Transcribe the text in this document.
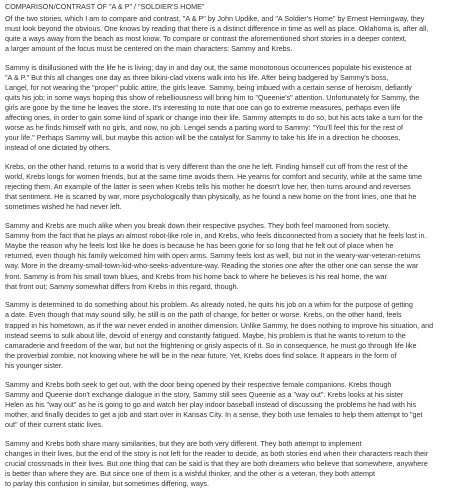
COMPARISON/CONTRAST OF "A & P" / "SOLDIER'S HOME"
Of the two stories, which I am to compare and contrast, "A & P" by John Updike, and "A Soldier's Home" by Ernest Hemingway, they
must look beyond the obvious. One knows by reading that there is a distinct difference in time as well as place. Oklahoma is, after all,
quite a ways away from the beach as most know. To compare or contrast the aforementioned short stories in a deeper context,
a larger amount of the focus must be centered on the main characters: Sammy and Krebs.
Sammy is disillusioned with the life he is living; day in and day out, the same monotonous occurrences populate his existence at
"A & P." But this all changes one day as three bikini-clad vixens walk into his life. After being badgered by Sammy's boss,
Langel, for not wearing the "proper" public attire, the girls leave. Sammy, being imbued with a certain sense of heroism, defiantly
quits his job; in some ways hoping this show of rebelliousness will bring him to "Queenie's" attention. Unfortunately for Sammy, the
girls are gone by the time he leaves the store. It's interesting to note that one can go to extreme measures, perhaps even life
affecting ones, in order to gain some kind of spark or change into their life. Sammy attempts to do so, but his acts take a turn for the
worse as he finds himself with no girls, and now, no job. Lengel sends a parting word to Sammy: "You'll feel this for the rest of
your life." Perhaps Sammy will, but maybe this action will be the catalyst for Sammy to take his life in a direction he chooses,
instead of one dictated by others.
Krebs, on the other hand, returns to a world that is very different than the one he left. Finding himself cut off from the rest of the
world, Krebs longs for women friends, but at the same time avoids them. He yearns for comfort and security, while at the same time
rejecting them. An example of the latter is seen when Krebs tells his mother he doesn't love her, then turns around and reverses
that sentiment. He is scarred by war, more psychologically than physically, as he found a new home on the front lines, one that he
sometimes wished he had never left.
Sammy and Krebs are much alike when you break down their respective psyches. They both feel marooned from society.
Sammy from the fact that he plays an almost robot-like role in, and Krebs, who feels disconnected from a society that he feels lost in.
Maybe the reason why he feels lost like he does is because he has been gone for so long that he felt out of place when he
returned, even though his family welcomed him with open arms. Sammy feels lost as well, but not in the weary-war-veteran-returns
way. More in the dreamy-small-town-kid-who-seeks-adventure-way. Reading the stories one after the other one can sense the war
front. Sammy is from his small town blues, and Krebs from his home back to where he believes is his real home, the war
that front out; Sammy somewhat differs from Krebs in this regard, though.
Sammy is determined to do something about his problem. As already noted, he quits his job on a whim for the purpose of getting
a date. Even though that may sound silly, he still is on the path of change, for better or worse. Krebs, on the other hand, feels
trapped in his hometown, as if the war never ended in another dimension. Unlike Sammy, he does nothing to improve his situation, and
instead seems to sulk about life, devoid of energy and constantly fatigued. Maybe, his problem is that he wants to return to the
camaraderie and freedom of the war, but not the frightening or grisly aspects of it. So in consequence, he must go through life like
the proverbial zombie, not knowing where he will be in the near future. Yet, Krebs does find solace. It appears in the form of
his younger sister.
Sammy and Krebs both seek to get out, with the door being opened by their respective female companions. Krebs though
Sammy and Queenie don't exchange dialogue in the story, Sammy still sees Queenie as a "way out". Krebs looks at his sister
Helen as his "way out" as he is going to go and watch her play indoor baseball instead of discussing the problems he had with his
mother, and finally decides to get a job and start over in Kansas City. In a sense, they both use females to help them attempt to "get
out" of their current static lives.
Sammy and Krebs both share many similarities, but they are both very different. They both attempt to implement
changes in their lives, but the end of the story is not left for the reader to decide, as both stories end when their characters reach their
crucial crossroads in their lives. But one thing that can be said is that they are both dreamers who believe that somewhere, anywhere
is better than where they are. But since one of them is a wishful thinker, and the other is a veteran, they both attempt
to parlay this confusion in similar, but sometimes differing, ways.
